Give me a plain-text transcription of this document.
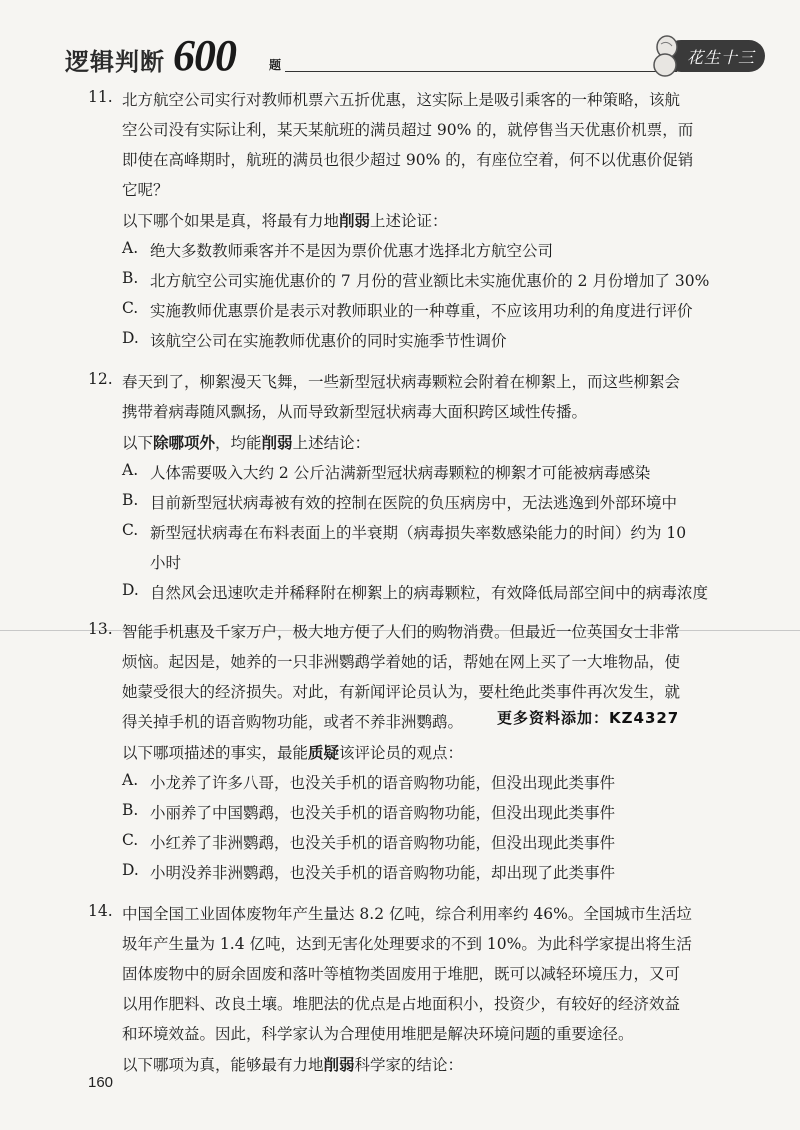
逻辑判断 600	题	花生十三
11. 北方航空公司实行对教师机票六五折优惠，这实际上是吸引乘客的一种策略，该航
空公司没有实际让利，某天某航班的满员超过 90% 的，就停售当天优惠价机票，而
即使在高峰期时，航班的满员也很少超过 90% 的，有座位空着，何不以优惠价促销
它呢？
以下哪个如果是真，将最有力地削弱上述论证：
A. 绝大多数教师乘客并不是因为票价优惠才选择北方航空公司
B. 北方航空公司实施优惠价的 7 月份的营业额比未实施优惠价的 2 月份增加了 30%
C. 实施教师优惠票价是表示对教师职业的一种尊重，不应该用功利的角度进行评价
D. 该航空公司在实施教师优惠价的同时实施季节性调价
12. 春天到了，柳絮漫天飞舞，一些新型冠状病毒颗粒会附着在柳絮上，而这些柳絮会
携带着病毒随风飘扬，从而导致新型冠状病毒大面积跨区域性传播。
以下除哪项外，均能削弱上述结论：
A. 人体需要吸入大约 2 公斤沾满新型冠状病毒颗粒的柳絮才可能被病毒感染
B. 目前新型冠状病毒被有效的控制在医院的负压病房中，无法逃逸到外部环境中
C. 新型冠状病毒在布料表面上的半衰期（病毒损失率数感染能力的时间）约为 10
小时
D. 自然风会迅速吹走并稀释附在柳絮上的病毒颗粒，有效降低局部空间中的病毒浓度
13. 智能手机惠及千家万户，极大地方便了人们的购物消费。但最近一位英国女士非常
烦恼。起因是，她养的一只非洲鹦鹉学着她的话，帮她在网上买了一大堆物品，使
她蒙受很大的经济损失。对此，有新闻评论员认为，要杜绝此类事件再次发生，就
得关掉手机的语音购物功能，或者不养非洲鹦鹉。
以下哪项描述的事实，最能质疑该评论员的观点：
A. 小龙养了许多八哥，也没关手机的语音购物功能，但没出现此类事件
B. 小丽养了中国鹦鹉，也没关手机的语音购物功能，但没出现此类事件
C. 小红养了非洲鹦鹉，也没关手机的语音购物功能，但没出现此类事件
D. 小明没养非洲鹦鹉，也没关手机的语音购物功能，却出现了此类事件
更多资料添加：KZ4327
14. 中国全国工业固体废物年产生量达 8.2 亿吨，综合利用率约 46%。全国城市生活垃
圾年产生量为 1.4 亿吨，达到无害化处理要求的不到 10%。为此科学家提出将生活
固体废物中的厨余固废和落叶等植物类固废用于堆肥，既可以减轻环境压力，又可
以用作肥料、改良土壤。堆肥法的优点是占地面积小，投资少，有较好的经济效益
和环境效益。因此，科学家认为合理使用堆肥是解决环境问题的重要途径。
以下哪项为真，能够最有力地削弱科学家的结论：
160
